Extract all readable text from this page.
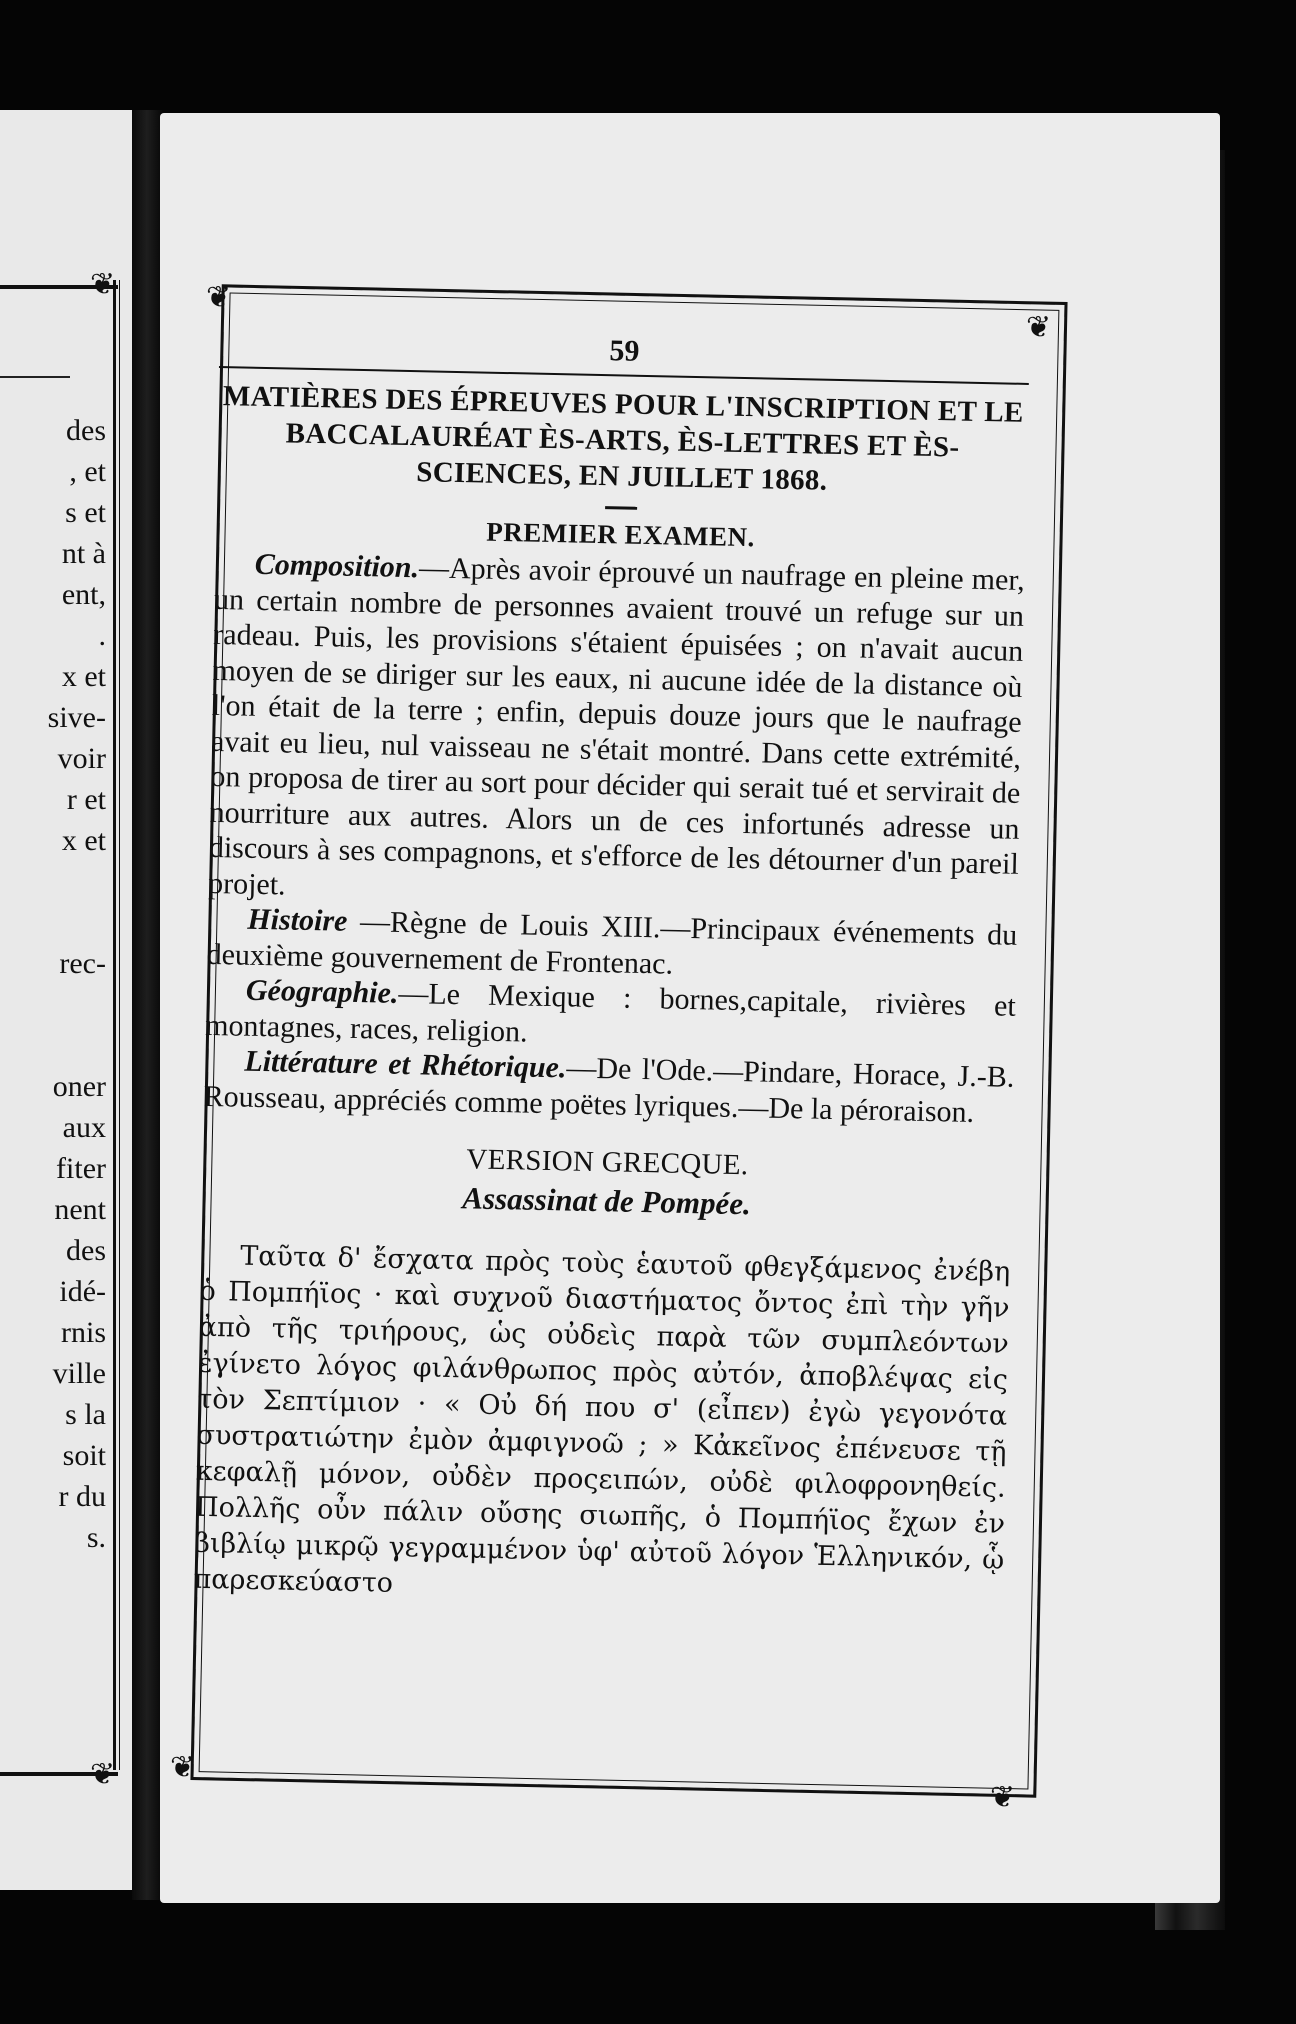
❦
❦
des
, et
s et
nt à
ent,
.
x et
sive-
voir
r et
x et
rec-
oner
aux
fiter
nent
des
idé-
rnis
ville
s la
soit
r du
s.
❦
❦
❦
❦
59
MATIÈRES DES ÉPREUVES POUR L'INSCRIPTION ET LE BACCALAURÉAT ÈS-ARTS, ÈS-LETTRES ET ÈS-SCIENCES, EN JUILLET 1868.
PREMIER EXAMEN.

Composition.—Après avoir éprouvé un naufrage en pleine mer, un certain nombre de personnes avaient trouvé un refuge sur un radeau. Puis, les provisions s'étaient épuisées ; on n'avait aucun moyen de se diriger sur les eaux, ni aucune idée de la distance où l'on était de la terre ; enfin, depuis douze jours que le naufrage avait eu lieu, nul vaisseau ne s'était montré. Dans cette extrémité, on proposa de tirer au sort pour décider qui serait tué et servirait de nourriture aux autres. Alors un de ces infortunés adresse un discours à ses compagnons, et s'efforce de les détourner d'un pareil projet.

Histoire —Règne de Louis XIII.—Principaux événements du deuxième gouvernement de Frontenac.

Géographie.—Le Mexique : bornes,capitale, rivières et montagnes, races, religion.

Littérature et Rhétorique.—De l'Ode.—Pindare, Horace, J.-B. Rousseau, appréciés comme poëtes lyriques.—De la péroraison.

VERSION GRECQUE.
Assassinat de Pompée.

Ταῦτα δ' ἔσχατα πρὸς τοὺς ἑαυτοῦ φθεγξάμενος ἐνέβη ὁ Πομπήϊος · καὶ συχνοῦ διαστήματος ὄντος ἐπὶ τὴν γῆν ἀπὸ τῆς τριήρους, ὡς οὐδεὶς παρὰ τῶν συμπλεόντων ἐγίνετο λόγος φιλάνθρωπος πρὸς αὐτόν, ἀποβλέψας εἰς τὸν Σεπτίμιον · « Οὐ δή που σ' (εἶπεν) ἐγὼ γεγονότα συστρατιώτην ἐμὸν ἀμφιγνοῶ ; » Κἀκεῖνος ἐπένευσε τῇ κεφαλῇ μόνον, οὐδὲν προςειπών, οὐδὲ φιλοφρονηθείς. Πολλῆς οὖν πάλιν οὔσης σιωπῆς, ὁ Πομπήϊος ἔχων ἐν βιβλίῳ μικρῷ γεγραμμένον ὑφ' αὐτοῦ λόγον Ἑλληνικόν, ᾧ παρεσκεύαστο
